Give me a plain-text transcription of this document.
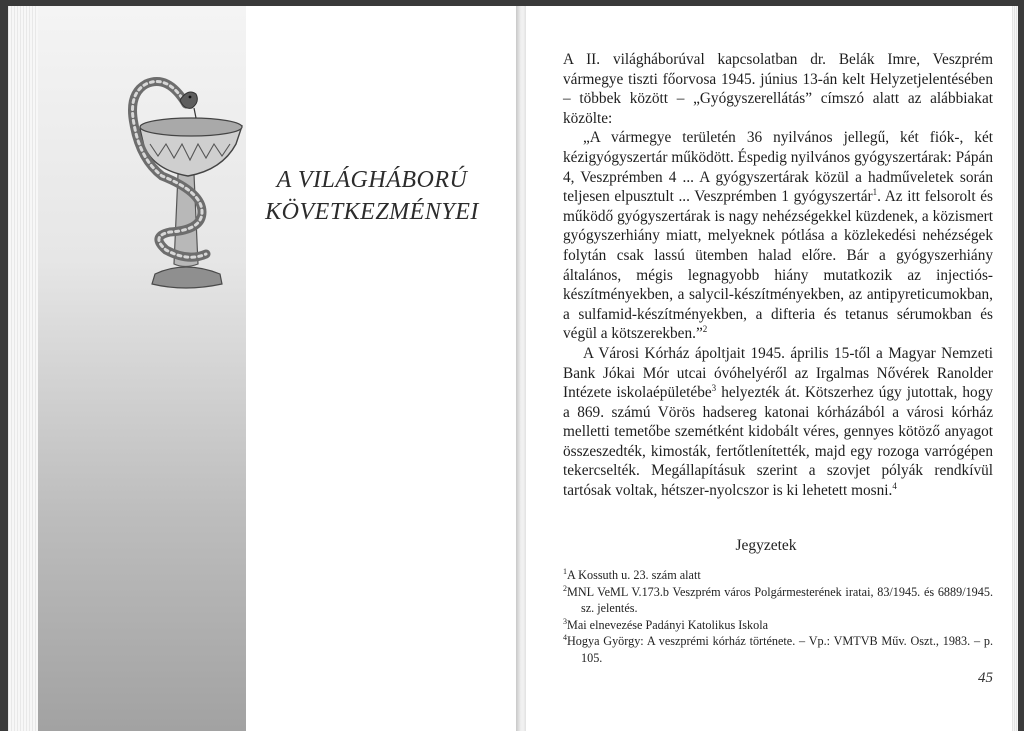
A VILÁGHÁBORÚ KÖVETKEZMÉNYEI

A II. világháborúval kapcsolatban dr. Belák Imre, Veszprém vármegye tiszti főorvosa 1945. június 13-án kelt Helyzetjelentésében – többek között – „Gyógyszerellátás” címszó alatt az alábbiakat közölte:

„A vármegye területén 36 nyilvános jellegű, két fiók-, két kézigyógyszertár működött. Éspedig nyilvános gyógyszertárak: Pápán 4, Veszprémben 4 ... A gyógyszertárak közül a hadműveletek során teljesen elpusztult ... Veszprémben 1 gyógyszertár$^1$. Az itt felsorolt és működő gyógyszertárak is nagy nehézségekkel küzdenek, a közismert gyógyszerhiány miatt, melyeknek pótlása a közlekedési nehézségek folytán csak lassú ütemben halad előre. Bár a gyógyszerhiány általános, mégis legnagyobb hiány mutatkozik az injectiós-készítményekben, a salycil-készítményekben, az antipyreticumokban, a sulfamid-készítményekben, a difteria és tetanus sérumokban és végül a kötszerekben.”$^2$

A Városi Kórház ápoltjait 1945. április 15-től a Magyar Nemzeti Bank Jókai Mór utcai óvóhelyéről az Irgalmas Nővérek Ranolder Intézete iskolaépületébe$^3$ helyezték át. Kötszerhez úgy jutottak, hogy a 869. számú Vörös hadsereg katonai kórházából a városi kórház melletti temetőbe szemétként kidobált véres, gennyes kötöző anyagot összeszedték, kimosták, fertőtlenítették, majd egy rozoga varrógépen tekercselték. Megállapításuk szerint a szovjet pólyák rendkívül tartósak voltak, hétszer-nyolcszor is ki lehetett mosni.$^4$

Jegyzetek
$^1$A Kossuth u. 23. szám alatt
$^2$MNL VeML V.173.b Veszprém város Polgármesterének iratai, 83/1945. és 6889/1945. sz. jelentés.
$^3$Mai elnevezése Padányi Katolikus Iskola
$^4$Hogya György: A veszprémi kórház története. – Vp.: VMTVB Műv. Oszt., 1983. – p. 105.
45
